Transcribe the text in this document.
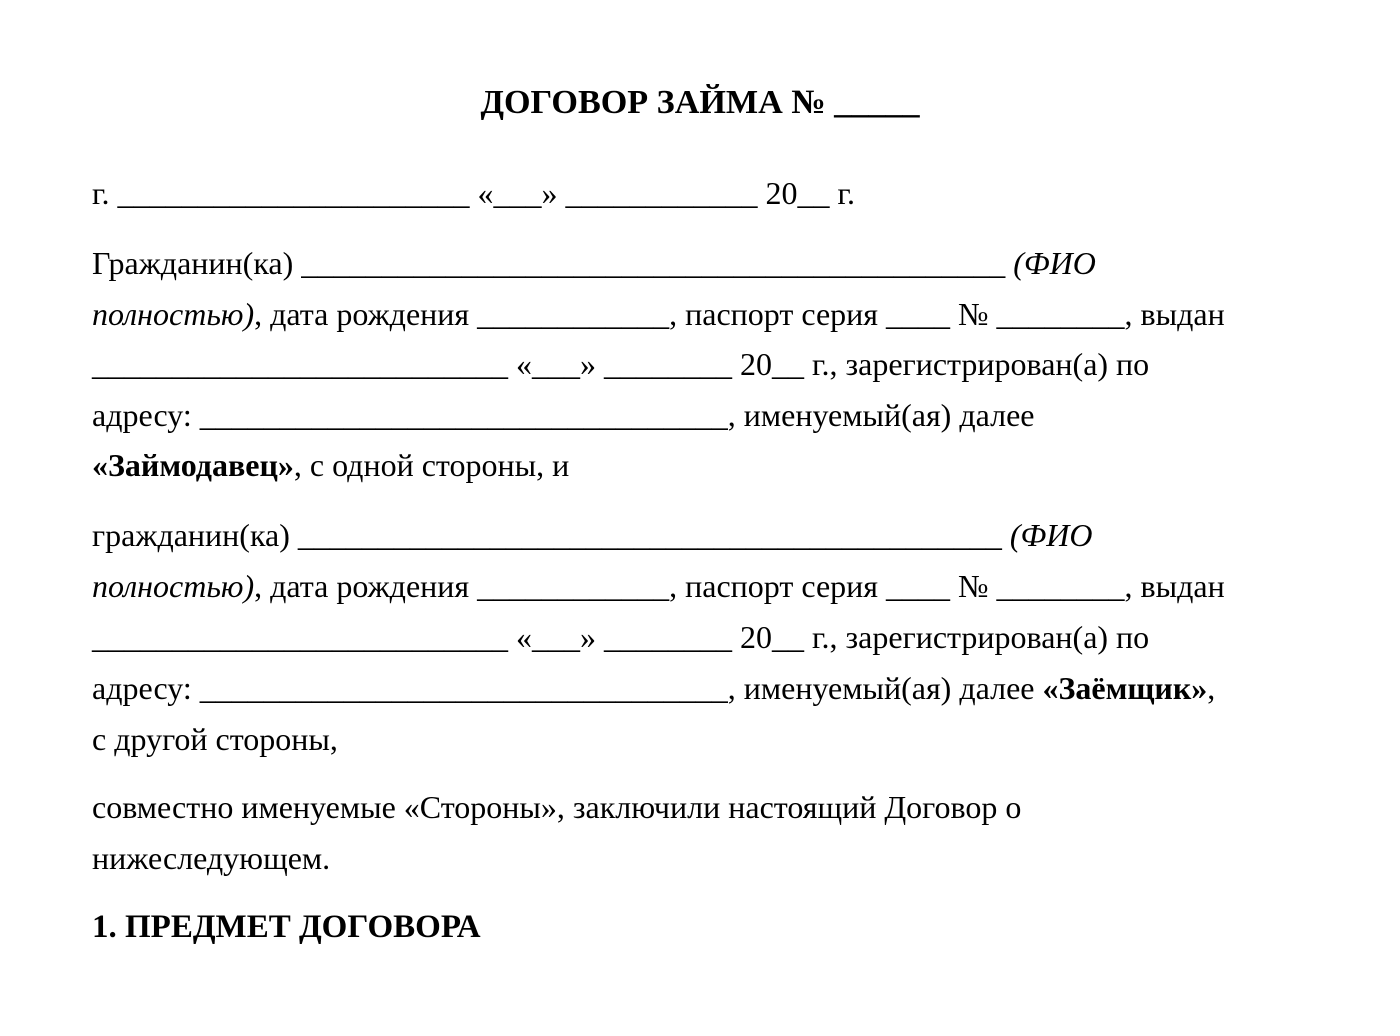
ДОГОВОР ЗАЙМА № _____

г. ______________________ «___» ____________ 20__ г.

Гражданин(ка) ____________________________________________ (ФИО

полностью), дата рождения ____________, паспорт серия ____ № ________, выдан

__________________________ «___» ________ 20__ г., зарегистрирован(а) по

адресу: _________________________________, именуемый(ая) далее

«Займодавец», с одной стороны, и

гражданин(ка) ____________________________________________ (ФИО

полностью), дата рождения ____________, паспорт серия ____ № ________, выдан

__________________________ «___» ________ 20__ г., зарегистрирован(а) по

адресу: _________________________________, именуемый(ая) далее «Заёмщик»,

с другой стороны,

совместно именуемые «Стороны», заключили настоящий Договор о

нижеследующем.

1. ПРЕДМЕТ ДОГОВОРА
